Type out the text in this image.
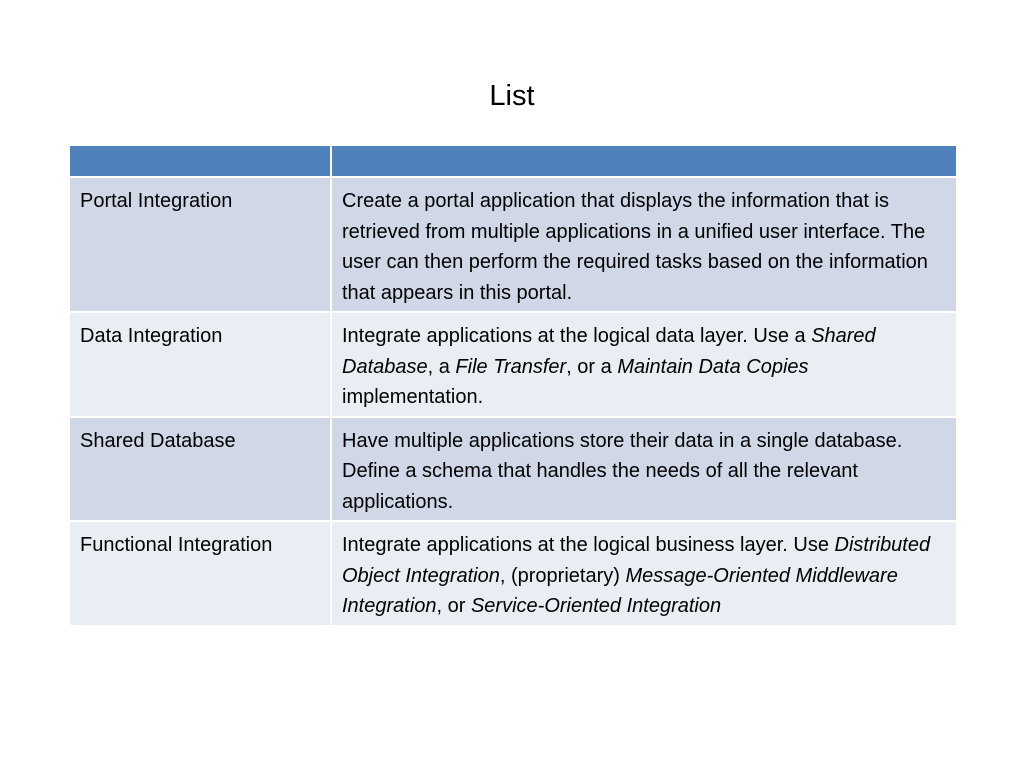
List

Portal Integration	Create a portal application that displays the information that is retrieved from multiple applications in a unified user interface. The user can then perform the required tasks based on the information that appears in this portal.
Data Integration	Integrate applications at the logical data layer. Use a Shared Database, a File Transfer, or a Maintain Data Copies implementation.
Shared Database	Have multiple applications store their data in a single database. Define a schema that handles the needs of all the relevant applications.
Functional Integration	Integrate applications at the logical business layer. Use Distributed Object Integration, (proprietary) Message-Oriented Middleware Integration, or Service-Oriented Integration
